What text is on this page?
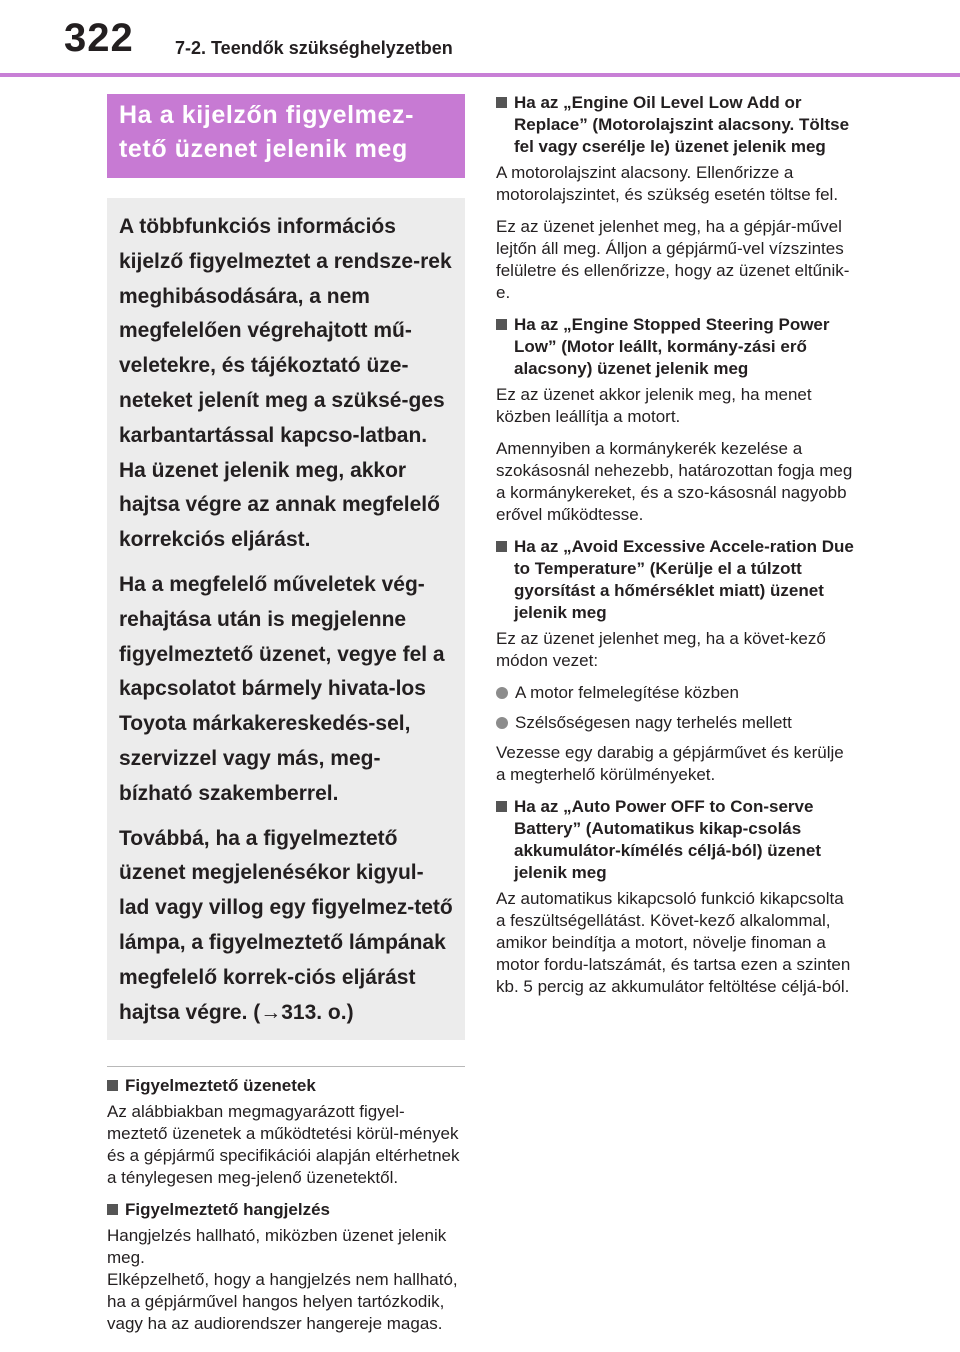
322 7-2. Teendők szükséghelyzetben
Ha a kijelzőn figyelmez-tető üzenet jelenik meg

A többfunkciós információs kijelző figyelmeztet a rendsze-rek meghibásodására, a nem megfelelően végrehajtott mű-veletekre, és tájékoztató üze-neteket jelenít meg a szüksé-ges karbantartással kapcso-latban. Ha üzenet jelenik meg, akkor hajtsa végre az annak megfelelő korrekciós eljárást.

Ha a megfelelő műveletek vég-rehajtása után is megjelenne figyelmeztető üzenet, vegye fel a kapcsolatot bármely hivata-los Toyota márkakereskedés-sel, szervizzel vagy más, meg-bízható szakemberrel.

Továbbá, ha a figyelmeztető üzenet megjelenésékor kigyul-lad vagy villog egy figyelmez-tető lámpa, a figyelmeztető lámpának megfelelő korrek-ciós eljárást hajtsa végre. (→313. o.)

Figyelmeztető üzenetek

Az alábbiakban megmagyarázott figyel-meztető üzenetek a működtetési körül-mények és a gépjármű specifikációi alapján eltérhetnek a ténylegesen meg-jelenő üzenetektől.

Figyelmeztető hangjelzés

Hangjelzés hallható, miközben üzenet jelenik meg.

Elképzelhető, hogy a hangjelzés nem hallható, ha a gépjárművel hangos helyen tartózkodik, vagy ha az audiorendszer hangereje magas.

Ha az „Engine Oil Level Low Add or Replace” (Motorolajszint alacsony. Töltse fel vagy cserélje le) üzenet jelenik meg

A motorolajszint alacsony. Ellenőrizze a motorolajszintet, és szükség esetén töltse fel.

Ez az üzenet jelenhet meg, ha a gépjár-művel lejtőn áll meg. Álljon a gépjármű-vel vízszintes felületre és ellenőrizze, hogy az üzenet eltűnik-e.

Ha az „Engine Stopped Steering Power Low” (Motor leállt, kormány-zási erő alacsony) üzenet jelenik meg

Ez az üzenet akkor jelenik meg, ha menet közben leállítja a motort.

Amennyiben a kormánykerék kezelése a szokásosnál nehezebb, határozottan fogja meg a kormánykereket, és a szo-kásosnál nagyobb erővel működtesse.

Ha az „Avoid Excessive Accele-ration Due to Temperature” (Kerülje el a túlzott gyorsítást a hőmérséklet miatt) üzenet jelenik meg

Ez az üzenet jelenhet meg, ha a követ-kező módon vezet:

A motor felmelegítése közben
Szélsőségesen nagy terhelés mellett

Vezesse egy darabig a gépjárművet és kerülje a megterhelő körülményeket.

Ha az „Auto Power OFF to Con-serve Battery” (Automatikus kikap-csolás akkumulátor-kímélés céljá-ból) üzenet jelenik meg

Az automatikus kikapcsoló funkció kikapcsolta a feszültségellátást. Követ-kező alkalommal, amikor beindítja a motort, növelje finoman a motor fordu-latszámát, és tartsa ezen a szinten kb. 5 percig az akkumulátor feltöltése céljá-ból.
